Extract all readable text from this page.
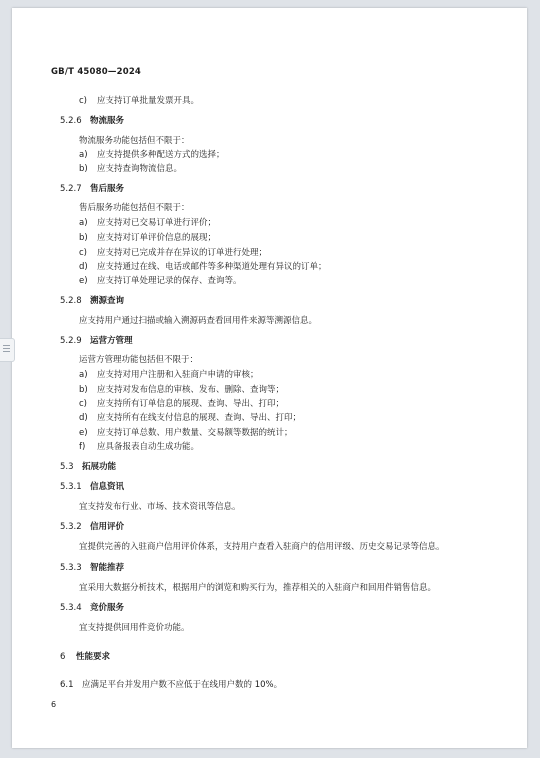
GB/T 45080—2024
c) 应支持订单批量发票开具。
5.2.6 物流服务
物流服务功能包括但不限于：
a) 应支持提供多种配送方式的选择；
b) 应支持查询物流信息。
5.2.7 售后服务
售后服务功能包括但不限于：
a) 应支持对已交易订单进行评价；
b) 应支持对订单评价信息的展现；
c) 应支持对已完成并存在异议的订单进行处理；
d) 应支持通过在线、电话或邮件等多种渠道处理有异议的订单；
e) 应支持订单处理记录的保存、查询等。
5.2.8 溯源查询
应支持用户通过扫描或输入溯源码查看回用件来源等溯源信息。
5.2.9 运营方管理
运营方管理功能包括但不限于：
a) 应支持对用户注册和入驻商户申请的审核；
b) 应支持对发布信息的审核、发布、删除、查询等；
c) 应支持所有订单信息的展现、查询、导出、打印；
d) 应支持所有在线支付信息的展现、查询、导出、打印；
e) 应支持订单总数、用户数量、交易额等数据的统计；
f) 应具备报表自动生成功能。
5.3 拓展功能
5.3.1 信息资讯
宜支持发布行业、市场、技术资讯等信息。
5.3.2 信用评价
宜提供完善的入驻商户信用评价体系，支持用户查看入驻商户的信用评级、历史交易记录等信息。
5.3.3 智能推荐
宜采用大数据分析技术，根据用户的浏览和购买行为，推荐相关的入驻商户和回用件销售信息。
5.3.4 竞价服务
宜支持提供回用件竞价功能。
6 性能要求
6.1 应满足平台并发用户数不应低于在线用户数的 10%。
6
